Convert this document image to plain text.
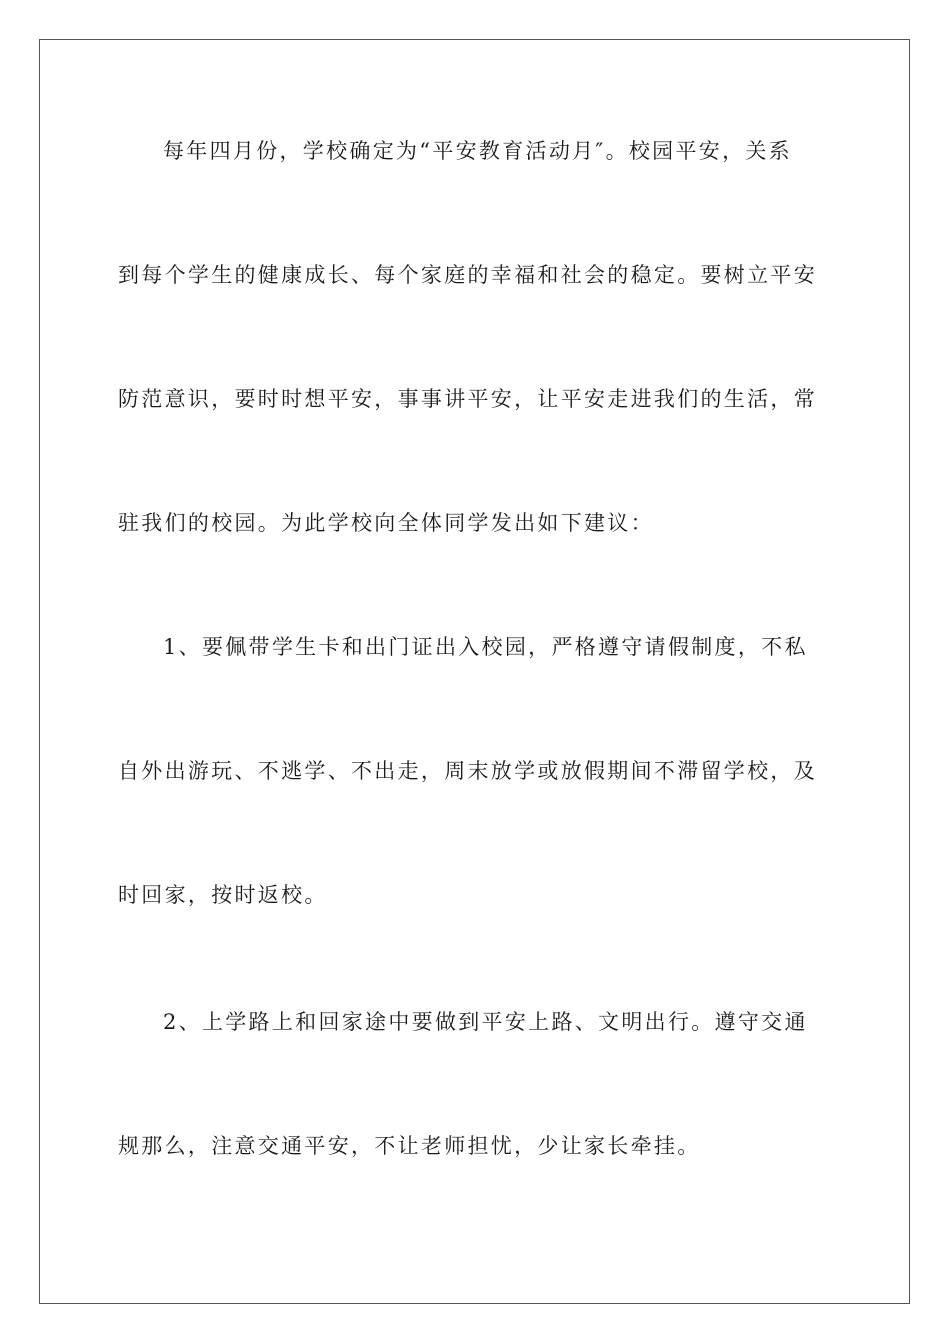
每年四月份，学校确定为“平安教育活动月″。校园平安，关系
到每个学生的健康成长、每个家庭的幸福和社会的稳定。要树立平安
防范意识，要时时想平安，事事讲平安，让平安走进我们的生活，常
驻我们的校园。为此学校向全体同学发出如下建议：
1、要佩带学生卡和出门证出入校园，严格遵守请假制度，不私
自外出游玩、不逃学、不出走，周末放学或放假期间不滞留学校，及
时回家，按时返校。
2、上学路上和回家途中要做到平安上路、文明出行。遵守交通
规那么，注意交通平安，不让老师担忧，少让家长牵挂。
